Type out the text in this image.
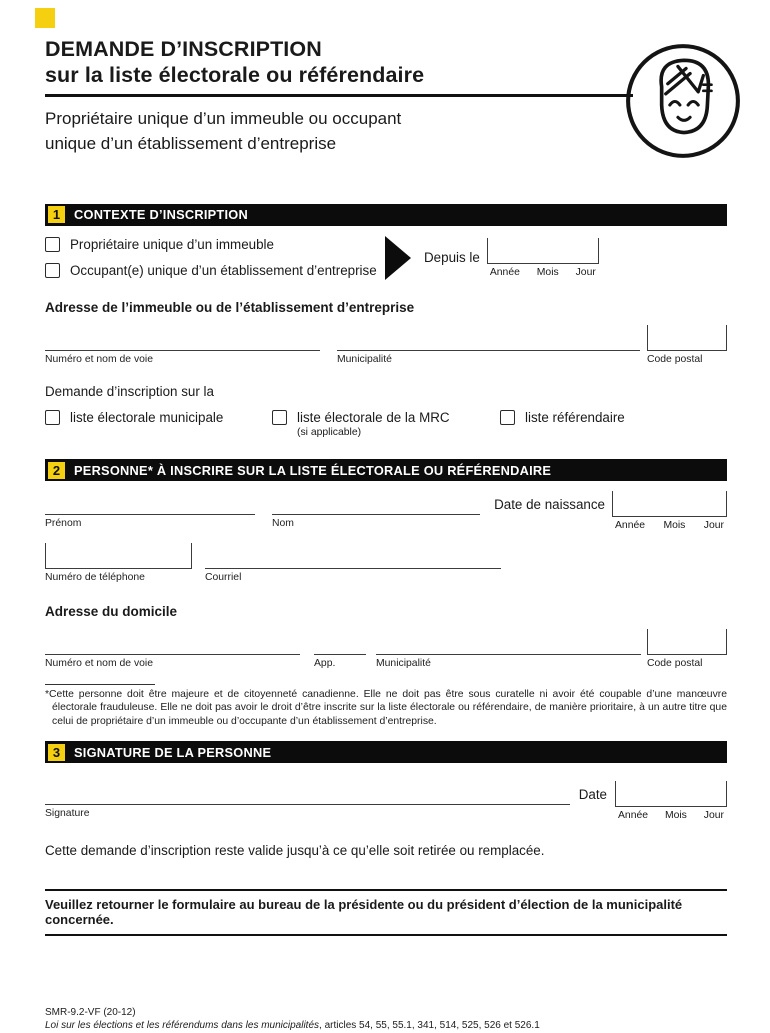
DEMANDE D’INSCRIPTION
sur la liste électorale ou référendaire
Propriétaire unique d’un immeuble ou occupant
unique d’un établissement d’entreprise
1	CONTEXTE D’INSCRIPTION
Propriétaire unique d’un immeuble
Occupant(e) unique d’un établissement d’entreprise
Depuis le
Année Mois Jour
Adresse de l’immeuble ou de l’établissement d’entreprise
Numéro et nom de voie	Municipalité	Code postal
Demande d’inscription sur la
liste électorale municipale	liste électorale de la MRC
(si applicable)
liste référendaire
2	PERSONNE* À INSCRIRE SUR LA LISTE ÉLECTORALE OU RÉFÉRENDAIRE
Prénom	Nom
Date de naissance
Année Mois Jour
Numéro de téléphone	Courriel
Adresse du domicile
Numéro et nom de voie	App.	Municipalité	Code postal
*Cette personne doit être majeure et de citoyenneté canadienne. Elle ne doit pas être sous curatelle ni avoir été coupable d’une manœuvre électorale frauduleuse. Elle ne doit pas avoir le droit d’être inscrite sur la liste électorale ou référendaire, de manière prioritaire, à un autre titre que celui de propriétaire d’un immeuble ou d’occupante d’un établissement d’entreprise.
3	SIGNATURE DE LA PERSONNE
Signature
Date
Année Mois Jour
Cette demande d’inscription reste valide jusqu’à ce qu’elle soit retirée ou remplacée.
Veuillez retourner le formulaire au bureau de la présidente ou du président d’élection de la municipalité concernée.
SMR-9.2-VF (20-12)
Loi sur les élections et les référendums dans les municipalités, articles 54, 55, 55.1, 341, 514, 525, 526 et 526.1
